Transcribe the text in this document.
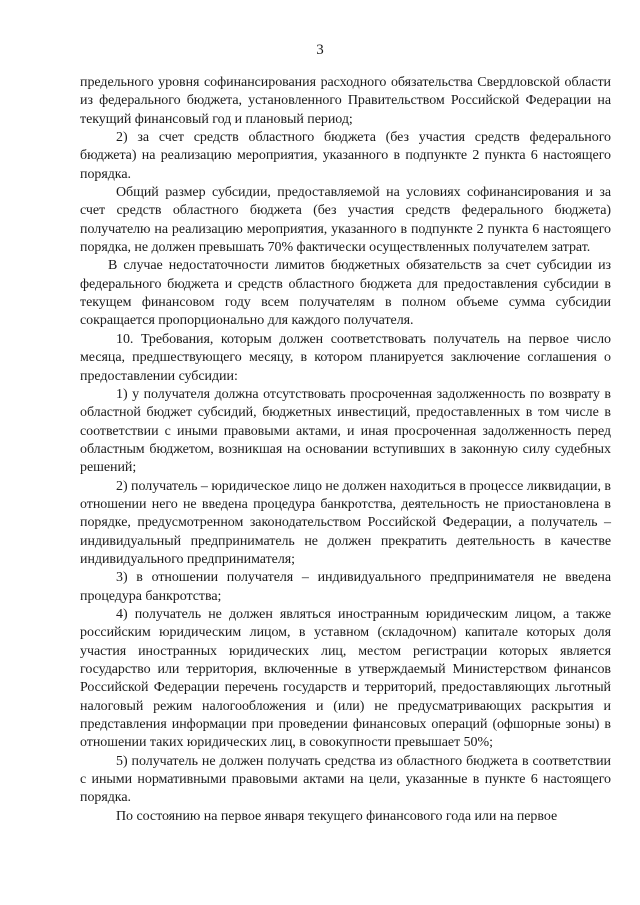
3

предельного уровня софинансирования расходного обязательства Свердловской области из федерального бюджета, установленного Правительством Российской Федерации на текущий финансовый год и плановый период;

2) за счет средств областного бюджета (без участия средств федерального бюджета) на реализацию мероприятия, указанного в подпункте 2 пункта 6 настоящего порядка.

Общий размер субсидии, предоставляемой на условиях софинансирования и за счет средств областного бюджета (без участия средств федерального бюджета) получателю на реализацию мероприятия, указанного в подпункте 2 пункта 6 настоящего порядка, не должен превышать 70% фактически осуществленных получателем затрат.

В случае недостаточности лимитов бюджетных обязательств за счет субсидии из федерального бюджета и средств областного бюджета для предоставления субсидии в текущем финансовом году всем получателям в полном объеме сумма субсидии сокращается пропорционально для каждого получателя.

10. Требования, которым должен соответствовать получатель на первое число месяца, предшествующего месяцу, в котором планируется заключение соглашения о предоставлении субсидии:

1) у получателя должна отсутствовать просроченная задолженность по возврату в областной бюджет субсидий, бюджетных инвестиций, предоставленных в том числе в соответствии с иными правовыми актами, и иная просроченная задолженность перед областным бюджетом, возникшая на основании вступивших в законную силу судебных решений;

2) получатель – юридическое лицо не должен находиться в процессе ликвидации, в отношении него не введена процедура банкротства, деятельность не приостановлена в порядке, предусмотренном законодательством Российской Федерации, а получатель – индивидуальный предприниматель не должен прекратить деятельность в качестве индивидуального предпринимателя;

3) в отношении получателя – индивидуального предпринимателя не введена процедура банкротства;

4) получатель не должен являться иностранным юридическим лицом, а также российским юридическим лицом, в уставном (складочном) капитале которых доля участия иностранных юридических лиц, местом регистрации которых является государство или территория, включенные в утверждаемый Министерством финансов Российской Федерации перечень государств и территорий, предоставляющих льготный налоговый режим налогообложения и (или) не предусматривающих раскрытия и представления информации при проведении финансовых операций (офшорные зоны) в отношении таких юридических лиц, в совокупности превышает 50%;

5) получатель не должен получать средства из областного бюджета в соответствии с иными нормативными правовыми актами на цели, указанные в пункте 6 настоящего порядка.

По состоянию на первое января текущего финансового года или на первое
